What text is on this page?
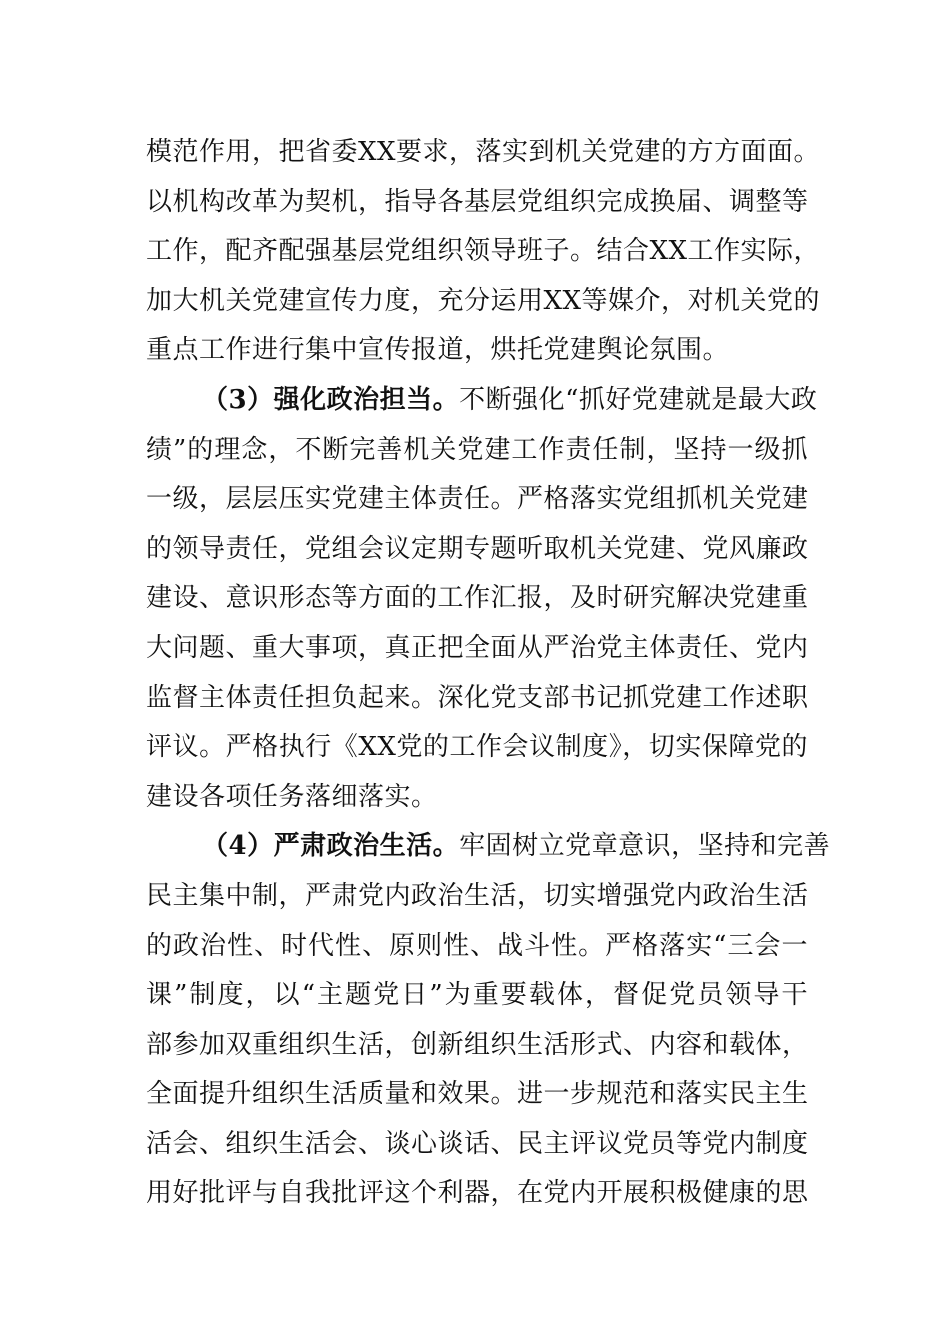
模范作用，把省委XX要求，落实到机关党建的方方面面。
以机构改革为契机，指导各基层党组织完成换届、调整等
工作，配齐配强基层党组织领导班子。结合XX工作实际，
加大机关党建宣传力度，充分运用XX等媒介，对机关党的
重点工作进行集中宣传报道，烘托党建舆论氛围。
（3）强化政治担当。不断强化“抓好党建就是最大政
绩”的理念，不断完善机关党建工作责任制，坚持一级抓
一级，层层压实党建主体责任。严格落实党组抓机关党建
的领导责任，党组会议定期专题听取机关党建、党风廉政
建设、意识形态等方面的工作汇报，及时研究解决党建重
大问题、重大事项，真正把全面从严治党主体责任、党内
监督主体责任担负起来。深化党支部书记抓党建工作述职
评议。严格执行《XX党的工作会议制度》，切实保障党的
建设各项任务落细落实。
（4）严肃政治生活。牢固树立党章意识，坚持和完善
民主集中制，严肃党内政治生活，切实增强党内政治生活
的政治性、时代性、原则性、战斗性。严格落实“三会一
课”制度，以“主题党日”为重要载体，督促党员领导干
部参加双重组织生活，创新组织生活形式、内容和载体，
全面提升组织生活质量和效果。进一步规范和落实民主生
活会、组织生活会、谈心谈话、民主评议党员等党内制度
用好批评与自我批评这个利器，在党内开展积极健康的思
